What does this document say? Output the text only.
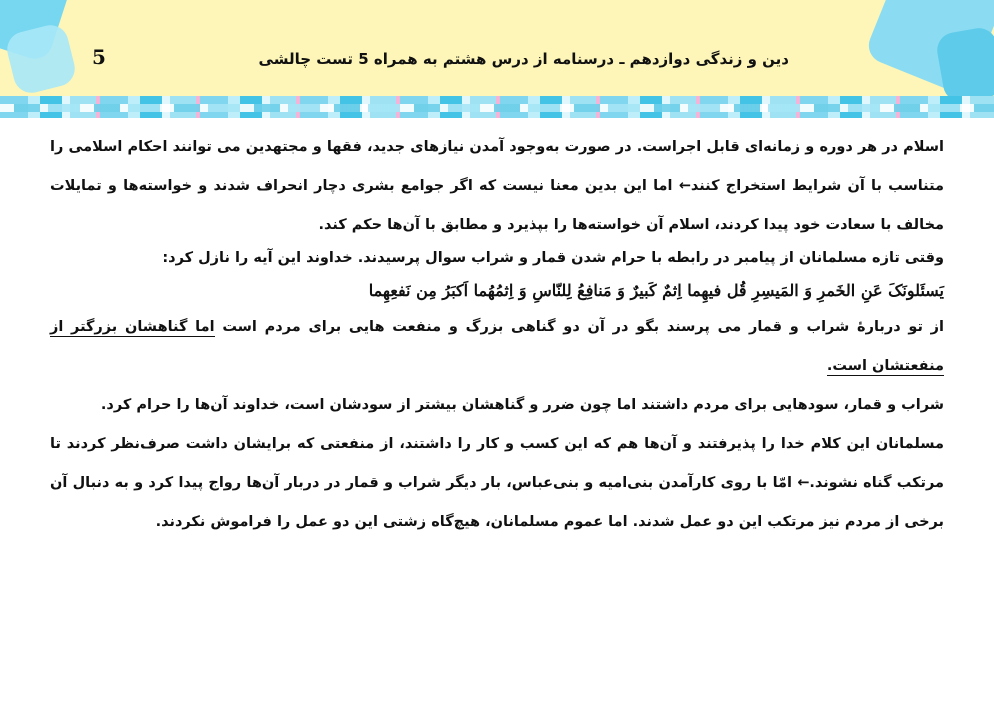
5	دین و زندگی دوازدهم ـ درسنامه از درس هشتم به همراه 5 تست چالشی

اسلام در هر دوره و زمانه‌ای قابل اجراست. در صورت به‌وجود آمدن نیازهای جدید، فقها و مجتهدین می توانند احکام اسلامی را متناسب با آن شرایط استخراج کنند← اما این بدین معنا نیست که اگر جوامع بشری دچار انحراف شدند و خواسته‌ها و تمایلات مخالف با سعادت خود پیدا کردند، اسلام آن خواسته‌ها را بپذیرد و مطابق با آن‌ها حکم کند.

وقتی تازه مسلمانان از پیامبر در رابطه با حرام شدن قمار و شراب سوال پرسیدند. خداوند این آیه را نازل کرد:

یَسئَلونَکَ عَنِ الخَمرِ وَ المَیسِرِ قُل فیهِما اِثمٌ کَبیرٌ وَ مَنافِعُ لِلنّاسِ وَ اِثمُهُما اَکبَرُ مِن نَفعِهِما

از تو دربارهٔ شراب و قمار می پرسند بگو در آن دو گناهی بزرگ و منفعت هایی برای مردم است اما گناهشان بزرگتر از منفعتشان است.

شراب و قمار، سودهایی برای مردم داشتند اما چون ضرر و گناهشان بیشتر از سودشان است، خداوند آن‌ها را حرام کرد.

مسلمانان این کلام خدا را پذیرفتند و آن‌ها هم که این کسب و کار را داشتند، از منفعتی که برایشان داشت صرف‌نظر کردند تا مرتکب گناه نشوند.← امّا با روی کارآمدن بنی‌امیه و بنی‌عباس، بار دیگر شراب و قمار در دربار آن‌ها رواج پیدا کرد و به دنبال آن برخی از مردم نیز مرتکب این دو عمل شدند. اما عموم مسلمانان، هیچ‌گاه زشتی این دو عمل را فراموش نکردند.
